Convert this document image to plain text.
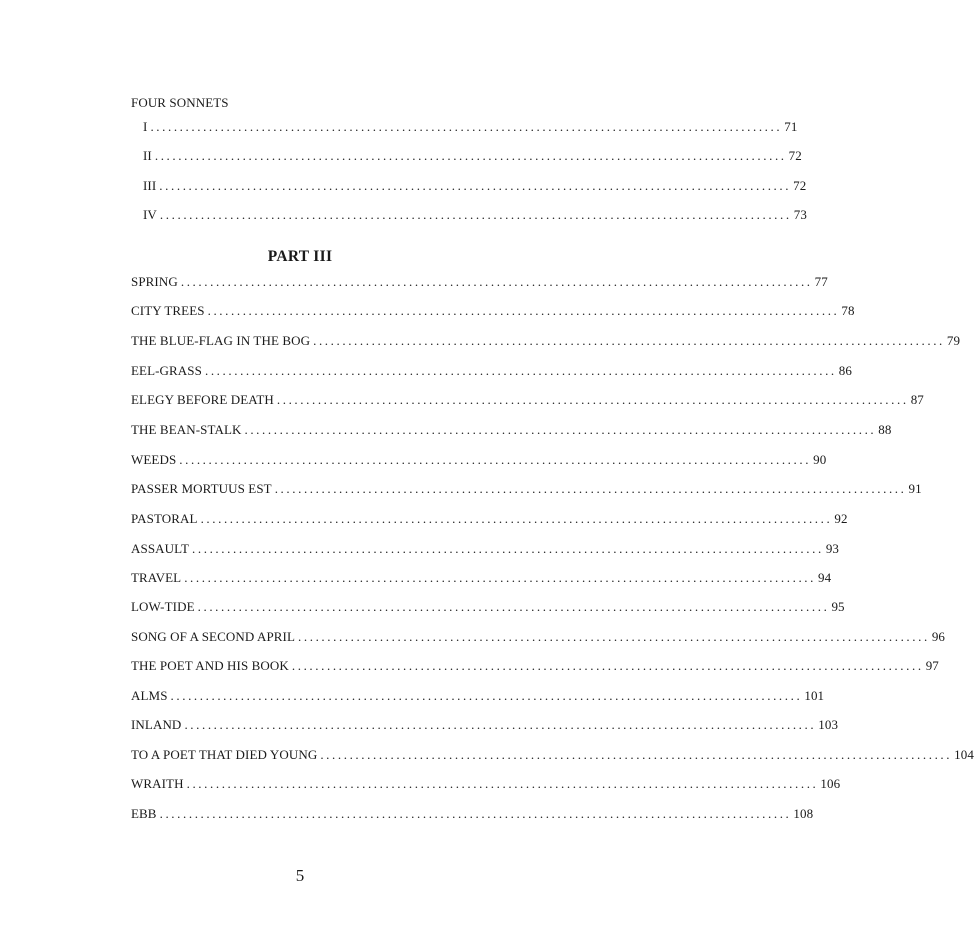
FOUR SONNETS
I ............................................................................................................ 71
II ............................................................................................................ 72
III ............................................................................................................ 72
IV ............................................................................................................ 73
PART III
SPRING ............................................................................................................ 77
CITY TREES ............................................................................................................ 78
THE BLUE-FLAG IN THE BOG ............................................................................................................ 79
EEL-GRASS ............................................................................................................ 86
ELEGY BEFORE DEATH ............................................................................................................ 87
THE BEAN-STALK ............................................................................................................ 88
WEEDS ............................................................................................................ 90
PASSER MORTUUS EST ............................................................................................................ 91
PASTORAL ............................................................................................................ 92
ASSAULT ............................................................................................................ 93
TRAVEL ............................................................................................................ 94
LOW-TIDE ............................................................................................................ 95
SONG OF A SECOND APRIL ............................................................................................................ 96
THE POET AND HIS BOOK ............................................................................................................ 97
ALMS ............................................................................................................ 101
INLAND ............................................................................................................ 103
TO A POET THAT DIED YOUNG ............................................................................................................ 104
WRAITH ............................................................................................................ 106
EBB ............................................................................................................ 108
5
